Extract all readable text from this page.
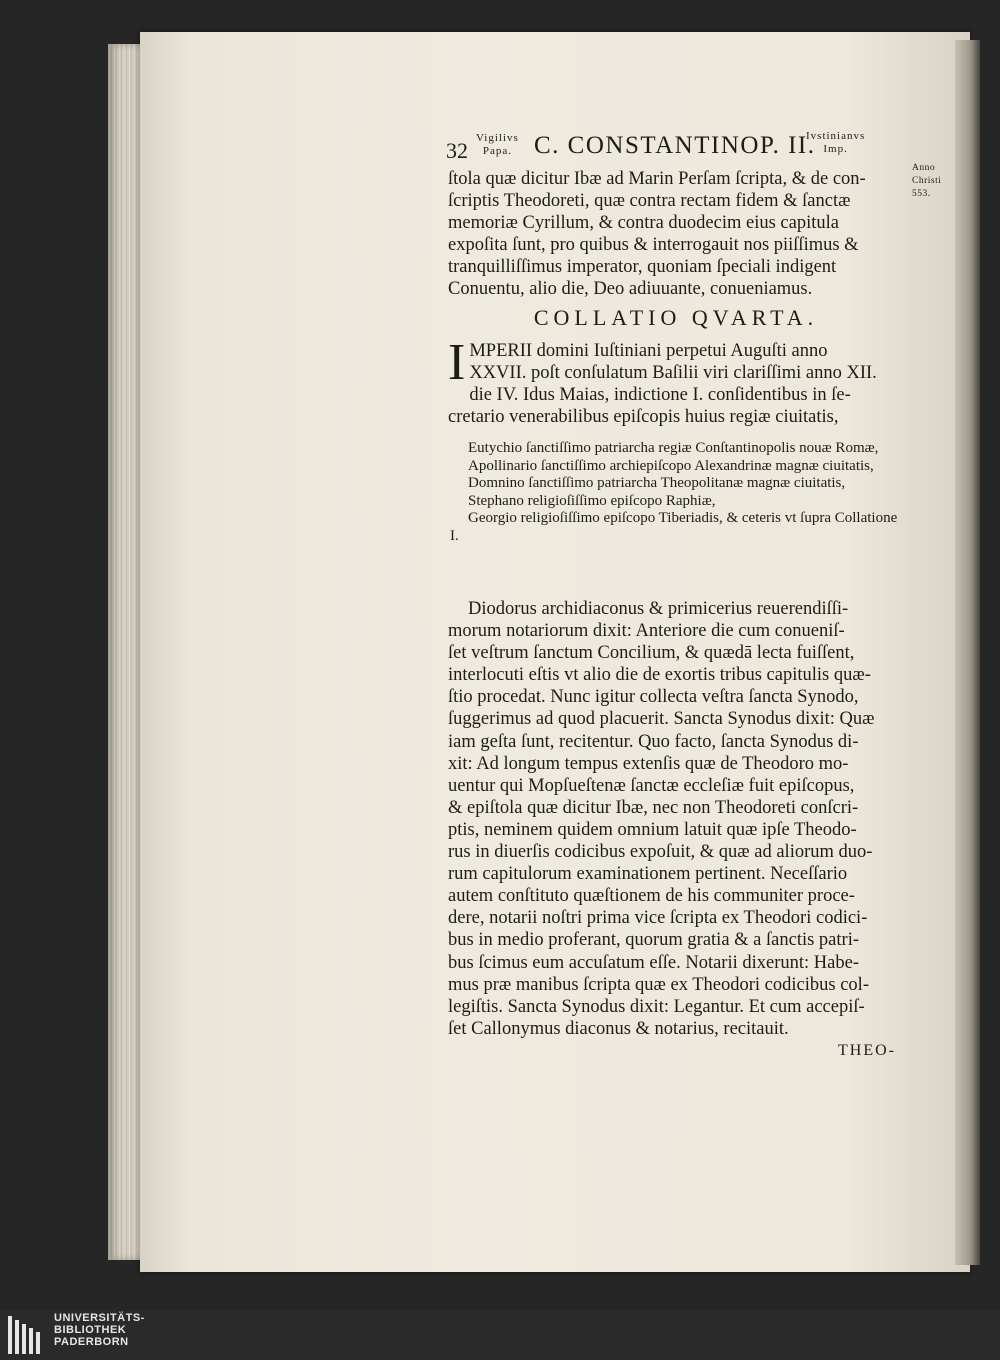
32 Vigilivs
Papa. C. CONSTANTINOP. II.
Ivstinianvs
Imp.
Anno
Christi
553.
ſtola quæ dicitur Ibæ ad Marin Perſam ſcripta, & de con-
ſcriptis Theodoreti, quæ contra rectam fidem & ſanctæ
memoriæ Cyrillum, & contra duodecim eius capitula
expoſita ſunt, pro quibus & interrogauit nos piiſſimus &
tranquilliſſimus imperator, quoniam ſpeciali indigent
Conuentu, alio die, Deo adiuuante, conueniamus.
COLLATIO QVARTA.
I MPERII domini Iuſtiniani perpetui Auguſti anno
XXVII. poſt conſulatum Baſilii viri clariſſimi anno XII.
die IV. Idus Maias, indictione I. conſidentibus in ſe-
cretario venerabilibus epiſcopis huius regiæ ciuitatis,

Eutychio ſanctiſſimo patriarcha regiæ Conſtantinopolis nouæ Romæ,

Apollinario ſanctiſſimo archiepiſcopo Alexandrinæ magnæ ciuitatis,

Domnino ſanctiſſimo patriarcha Theopolitanæ magnæ ciuitatis,

Stephano religioſiſſimo epiſcopo Raphiæ,

Georgio religioſiſſimo epiſcopo Tiberiadis, & ceteris vt ſupra Collatione I.

Diodorus archidiaconus & primicerius reuerendiſſi-
morum notariorum dixit: Anteriore die cum conueniſ-
ſet veſtrum ſanctum Concilium, & quædā lecta fuiſſent,
interlocuti eſtis vt alio die de exortis tribus capitulis quæ-
ſtio procedat. Nunc igitur collecta veſtra ſancta Synodo,
ſuggerimus ad quod placuerit. Sancta Synodus dixit: Quæ
iam geſta ſunt, recitentur. Quo facto, ſancta Synodus di-
xit: Ad longum tempus extenſis quæ de Theodoro mo-
uentur qui Mopſueſtenæ ſanctæ eccleſiæ fuit epiſcopus,
& epiſtola quæ dicitur Ibæ, nec non Theodoreti conſcri-
ptis, neminem quidem omnium latuit quæ ipſe Theodo-
rus in diuerſis codicibus expoſuit, & quæ ad aliorum duo-
rum capitulorum examinationem pertinent. Neceſſario
autem conſtituto quæſtionem de his communiter proce-
dere, notarii noſtri prima vice ſcripta ex Theodori codici-
bus in medio proferant, quorum gratia & a ſanctis patri-
bus ſcimus eum accuſatum eſſe. Notarii dixerunt: Habe-
mus præ manibus ſcripta quæ ex Theodori codicibus col-
legiſtis. Sancta Synodus dixit: Legantur. Et cum accepiſ-
ſet Callonymus diaconus & notarius, recitauit.
THEO-
UNIVERSITÄTS-
BIBLIOTHEK
PADERBORN
